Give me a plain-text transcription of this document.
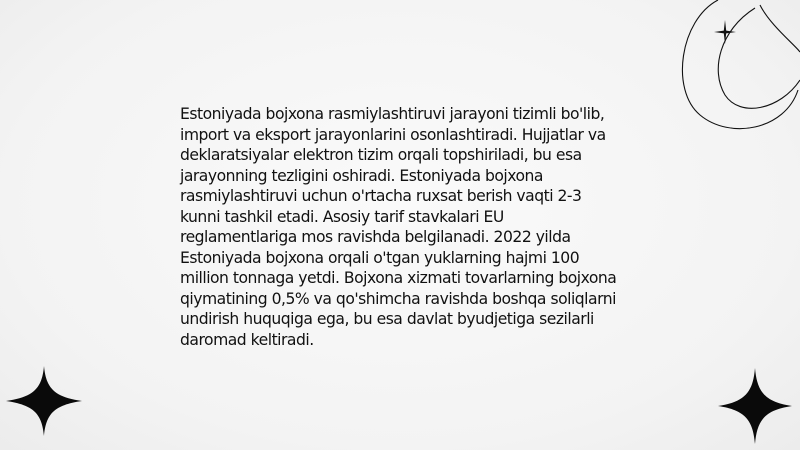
Estoniyada bojxona rasmiylashtiruvi jarayoni tizimli bo'lib, import va eksport jarayonlarini osonlashtiradi. Hujjatlar va deklaratsiyalar elektron tizim orqali topshiriladi, bu esa jarayonning tezligini oshiradi. Estoniyada bojxona rasmiylashtiruvi uchun o'rtacha ruxsat berish vaqti 2-3 kunni tashkil etadi. Asosiy tarif stavkalari EU reglamentlariga mos ravishda belgilanadi. 2022 yilda Estoniyada bojxona orqali o'tgan yuklarning hajmi 100 million tonnaga yetdi. Bojxona xizmati tovarlarning bojxona qiymatining 0,5% va qo'shimcha ravishda boshqa soliqlarni undirish huquqiga ega, bu esa davlat byudjetiga sezilarli daromad keltiradi.
